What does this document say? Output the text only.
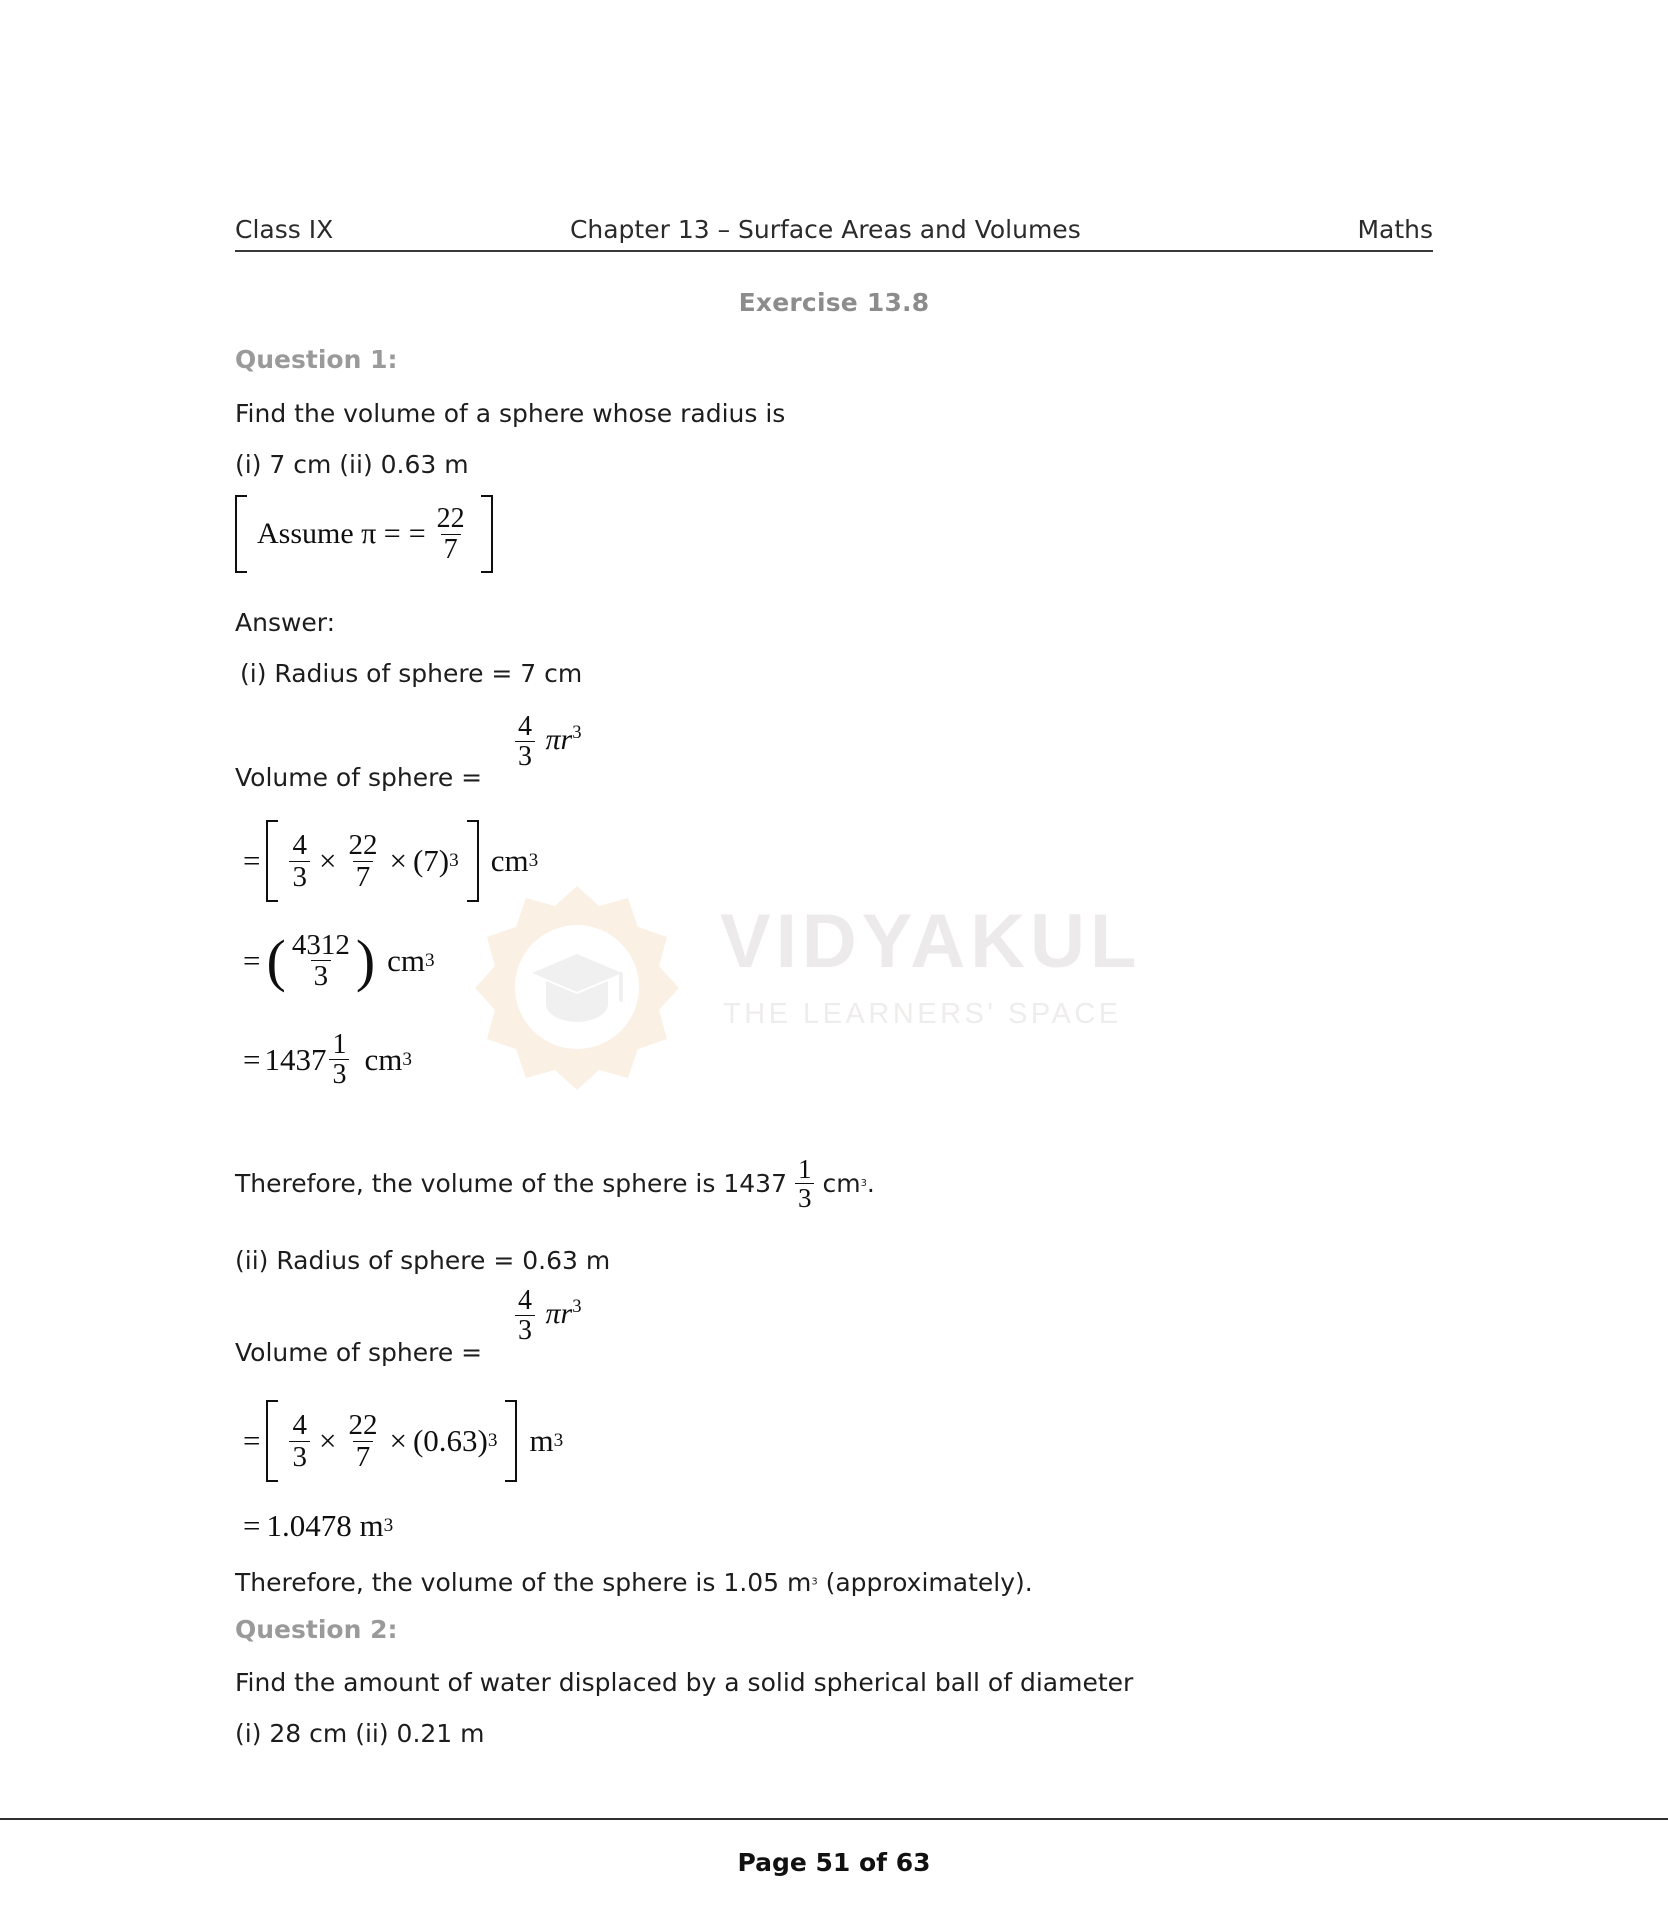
VIDYAKUL
THE LEARNERS' SPACE
Class IX	Chapter 13 – Surface Areas and Volumes	Maths
Exercise 13.8
Question 1:
Find the volume of a sphere whose radius is
(i) 7 cm (ii) 0.63 m
Assume π = = $\frac{22}{7}$
Answer:
(i) Radius of sphere = 7 cm
Volume of sphere =
$\frac{4}{3} \pi r^3$
= $\frac{4}{3} \times \frac{22}{7} \times (7)$ 3 cm 3
= ( $\frac{4312}{3}$ ) cm 3
= $1437 \frac{1}{3}$ cm 3
Therefore, the volume of the sphere is $1437 \frac{1}{3}$ cm 3 .
(ii) Radius of sphere = 0.63 m
Volume of sphere =
$\frac{4}{3} \pi r^3$
= $\frac{4}{3} \times \frac{22}{7} \times (0.63)$ 3 m 3
= 1.0478 m 3
Therefore, the volume of the sphere is 1.05 $m^3$ (approximately).
Question 2:
Find the amount of water displaced by a solid spherical ball of diameter
(i) 28 cm (ii) 0.21 m
Page 51 of 63
